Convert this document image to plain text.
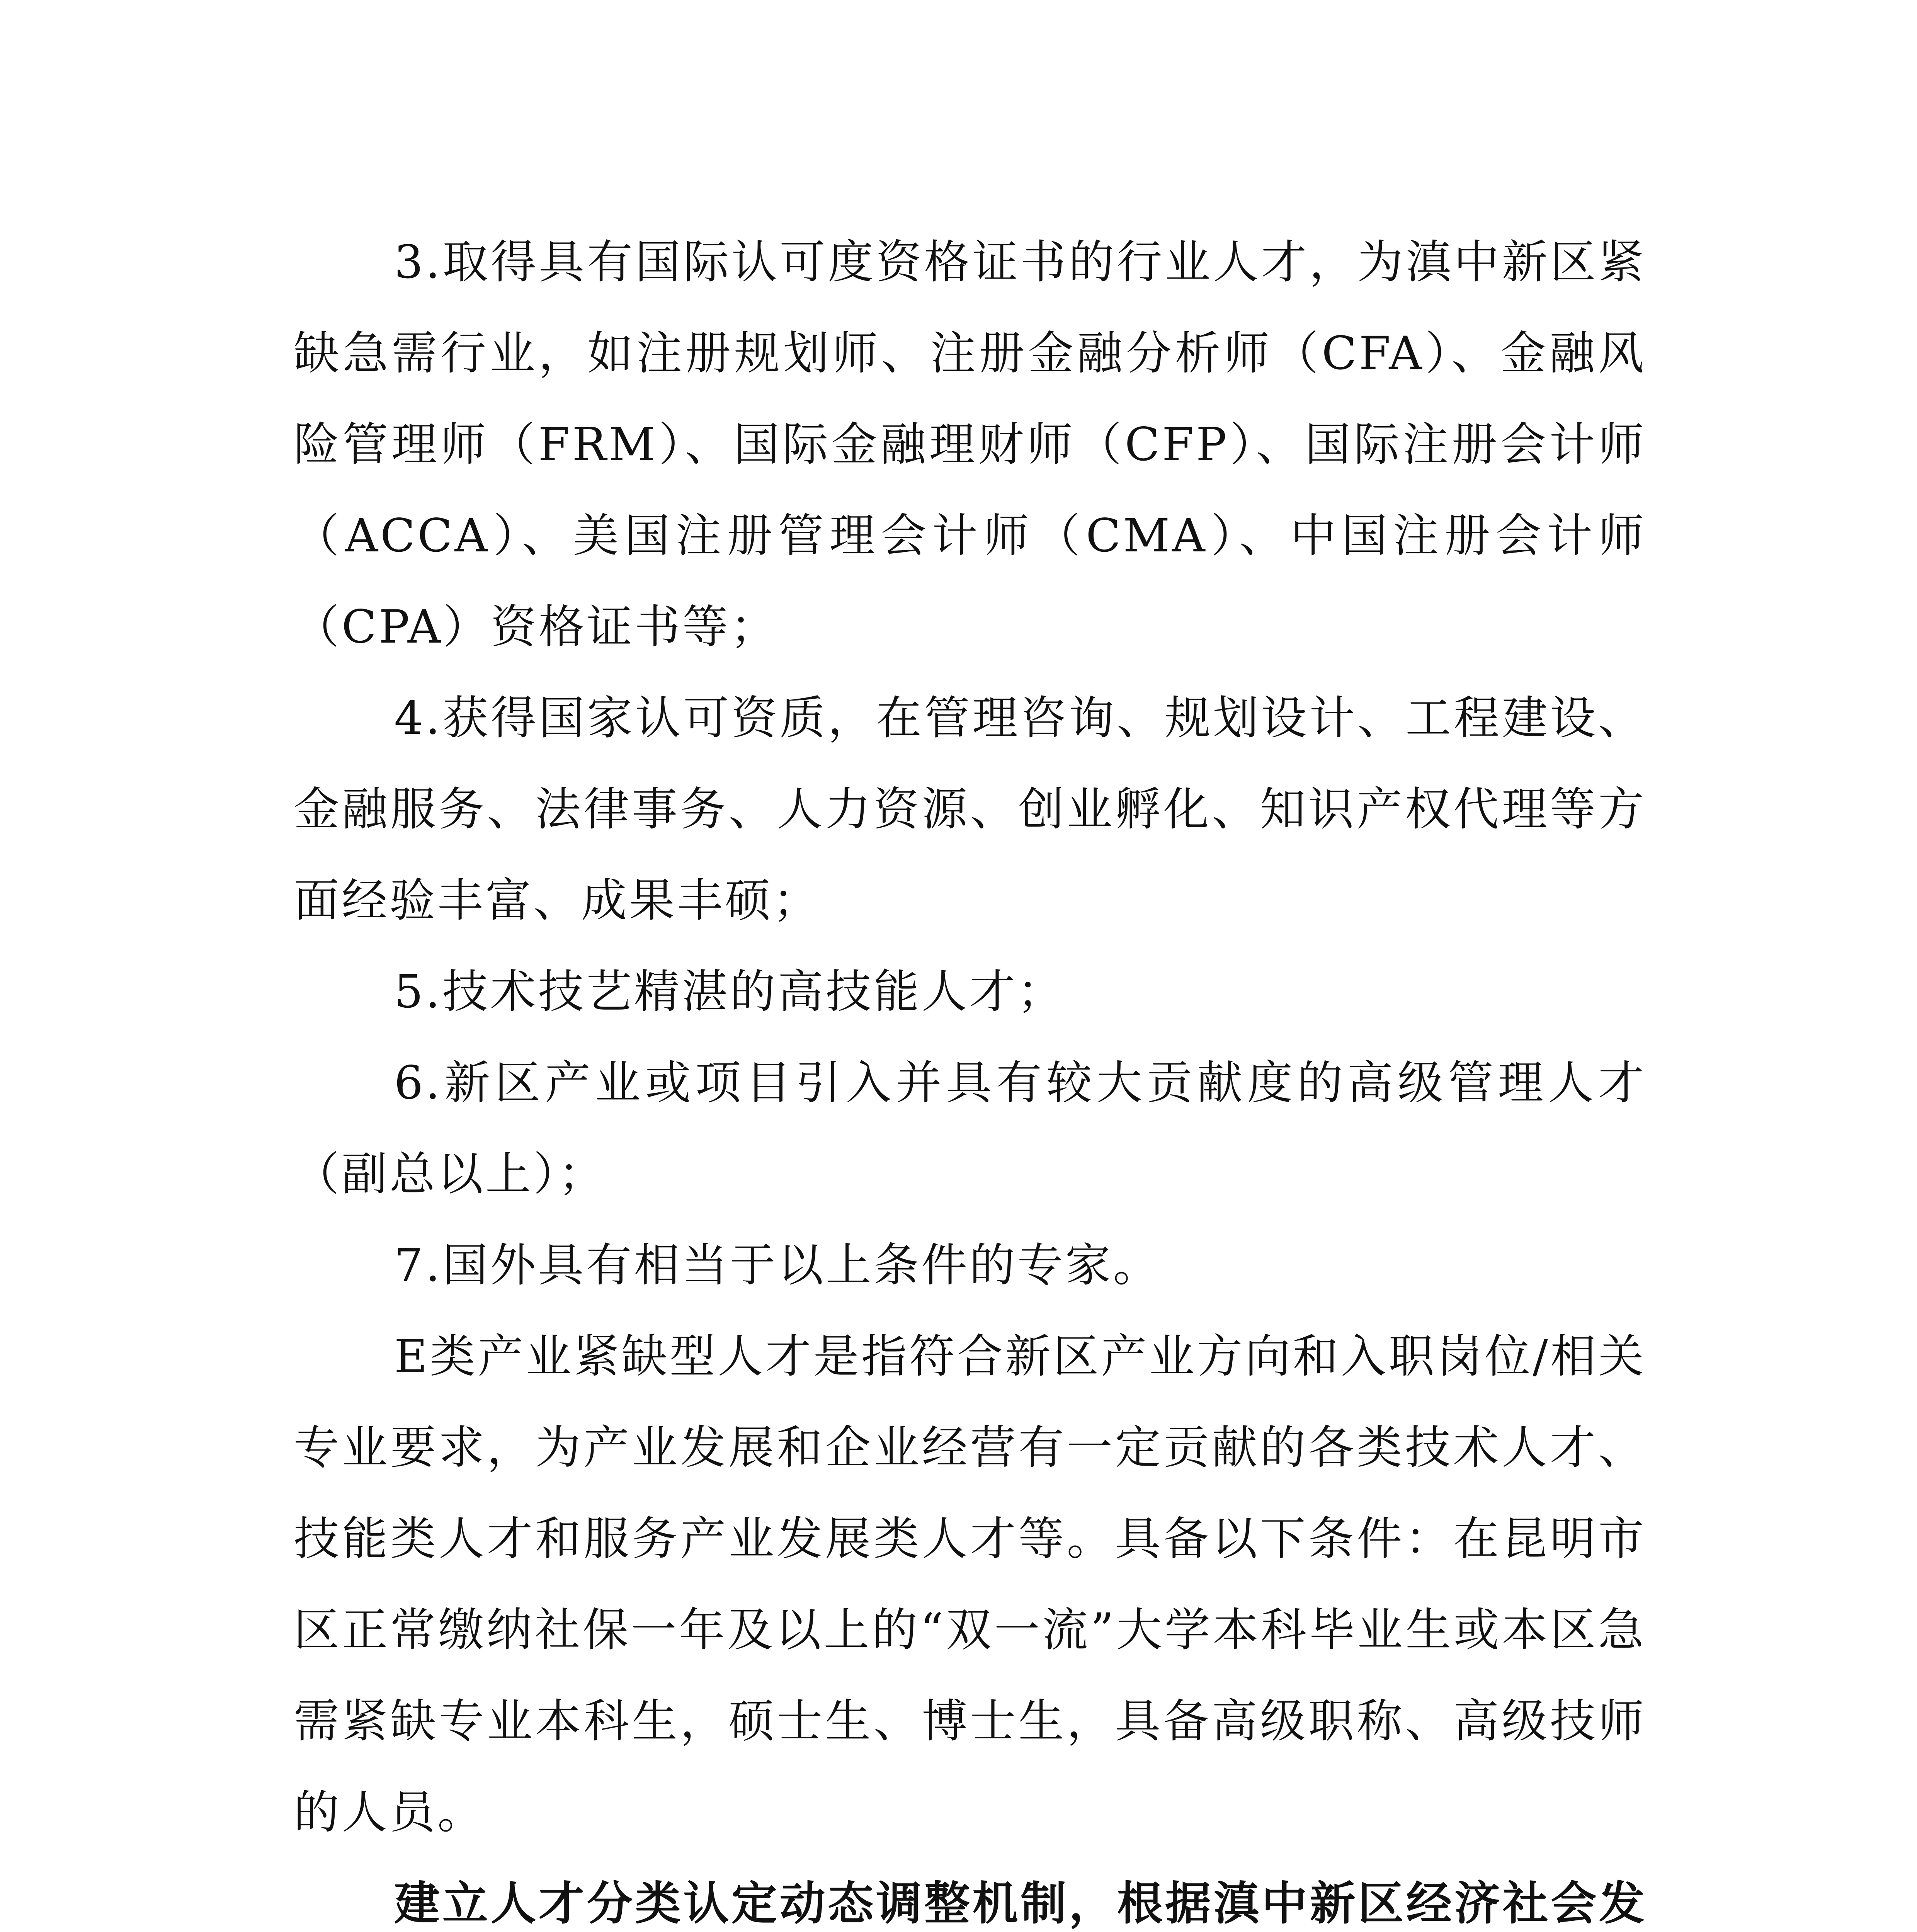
3.取得具有国际认可度资格证书的行业人才，为滇中新区紧缺急需行业，如注册规划师、注册金融分析师（CFA）、金融风险管理师（FRM）、国际金融理财师（CFP）、国际注册会计师（ACCA）、美国注册管理会计师（CMA）、中国注册会计师（CPA）资格证书等；

4.获得国家认可资质，在管理咨询、规划设计、工程建设、金融服务、法律事务、人力资源、创业孵化、知识产权代理等方面经验丰富、成果丰硕；

5.技术技艺精湛的高技能人才；

6.新区产业或项目引入并具有较大贡献度的高级管理人才（副总以上）；

7.国外具有相当于以上条件的专家。

E类产业紧缺型人才是指符合新区产业方向和入职岗位/相关专业要求，为产业发展和企业经营有一定贡献的各类技术人才、技能类人才和服务产业发展类人才等。具备以下条件：在昆明市区正常缴纳社保一年及以上的“双一流”大学本科毕业生或本区急需紧缺专业本科生，硕士生、博士生，具备高级职称、高级技师的人员。

建立人才分类认定动态调整机制，根据滇中新区经济社会发
